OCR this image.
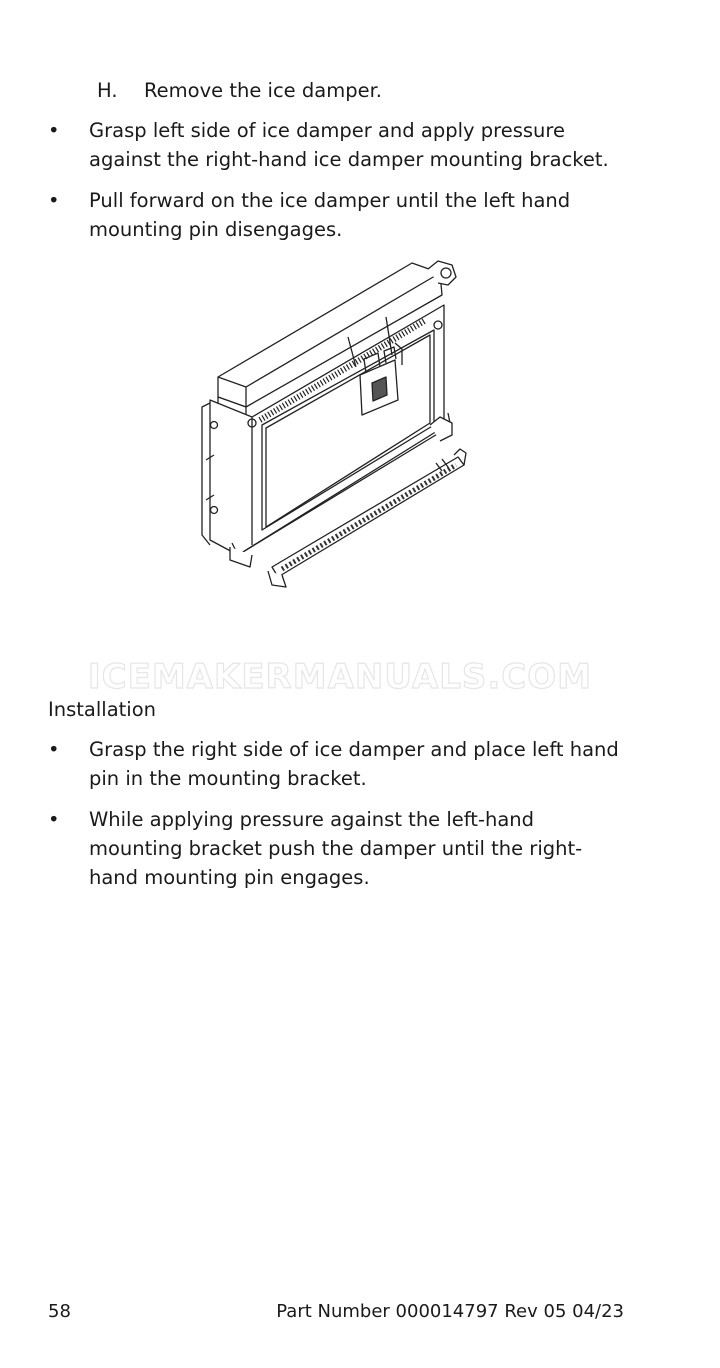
H. Remove the ice damper.
• Grasp left side of ice damper and apply pressure against the right-hand ice damper mounting bracket.
• Pull forward on the ice damper until the left hand mounting pin disengages.
ICEMAKERMANUALS.COM
Installation
• Grasp the right side of ice damper and place left hand pin in the mounting bracket.
• While applying pressure against the left-hand mounting bracket push the damper until the right-hand mounting pin engages.
58	Part Number 000014797 Rev 05 04/23
